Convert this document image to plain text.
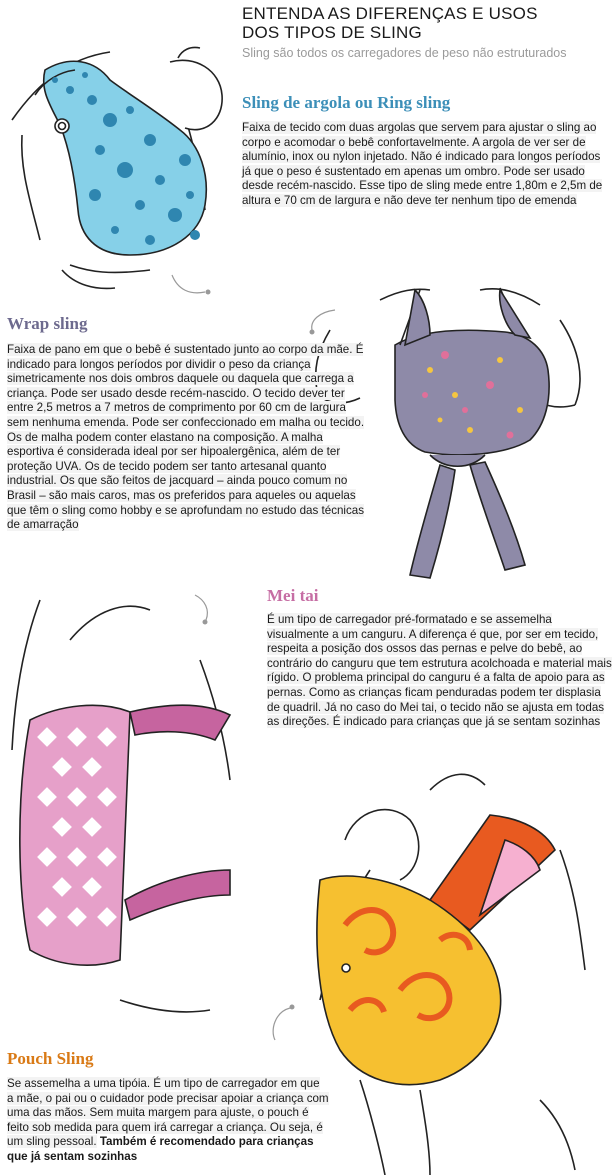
ENTENDA AS DIFERENÇAS E USOS
DOS TIPOS DE SLING
Sling são todos os carregadores de peso não estruturados
Sling de argola ou Ring sling
Faixa de tecido com duas argolas que servem para ajustar o sling ao corpo e acomodar o bebê confortavelmente. A argola de ver ser de alumínio, inox ou nylon injetado. Não é indicado para longos períodos já que o peso é sustentado em apenas um ombro. Pode ser usado desde recém-nascido. Esse tipo de sling mede entre 1,80m e 2,5m de altura e 70 cm de largura e não deve ter nenhum tipo de emenda
Wrap sling
Faixa de pano em que o bebê é sustentado junto ao corpo da mãe. É indicado para longos períodos por dividir o peso da criança simetricamente nos dois ombros daquele ou daquela que carrega a criança. Pode ser usado desde recém-nascido. O tecido dever ter entre 2,5 metros a 7 metros de comprimento por 60 cm de largura sem nenhuma emenda. Pode ser confeccionado em malha ou tecido. Os de malha podem conter elastano na composição. A malha esportiva é considerada ideal por ser hipoalergênica, além de ter proteção UVA. Os de tecido podem ser tanto artesanal quanto industrial. Os que são feitos de jacquard – ainda pouco comum no Brasil – são mais caros, mas os preferidos para aqueles ou aquelas que têm o sling como hobby e se aprofundam no estudo das técnicas de amarração
Mei tai
É um tipo de carregador pré-formatado e se assemelha visualmente a um canguru. A diferença é que, por ser em tecido, respeita a posição dos ossos das pernas e pelve do bebê, ao contrário do canguru que tem estrutura acolchoada e material mais rígido. O problema principal do canguru é a falta de apoio para as pernas. Como as crianças ficam penduradas podem ter displasia de quadril. Já no caso do Mei tai, o tecido não se ajusta em todas as direções. É indicado para crianças que já se sentam sozinhas
Pouch Sling
Se assemelha a uma tipóia. É um tipo de carregador em que a mãe, o pai ou o cuidador pode precisar apoiar a criança com uma das mãos. Sem muita margem para ajuste, o pouch é feito sob medida para quem irá carregar a criança. Ou seja, é um sling pessoal. Também é recomendado para crianças que já sentam sozinhas
